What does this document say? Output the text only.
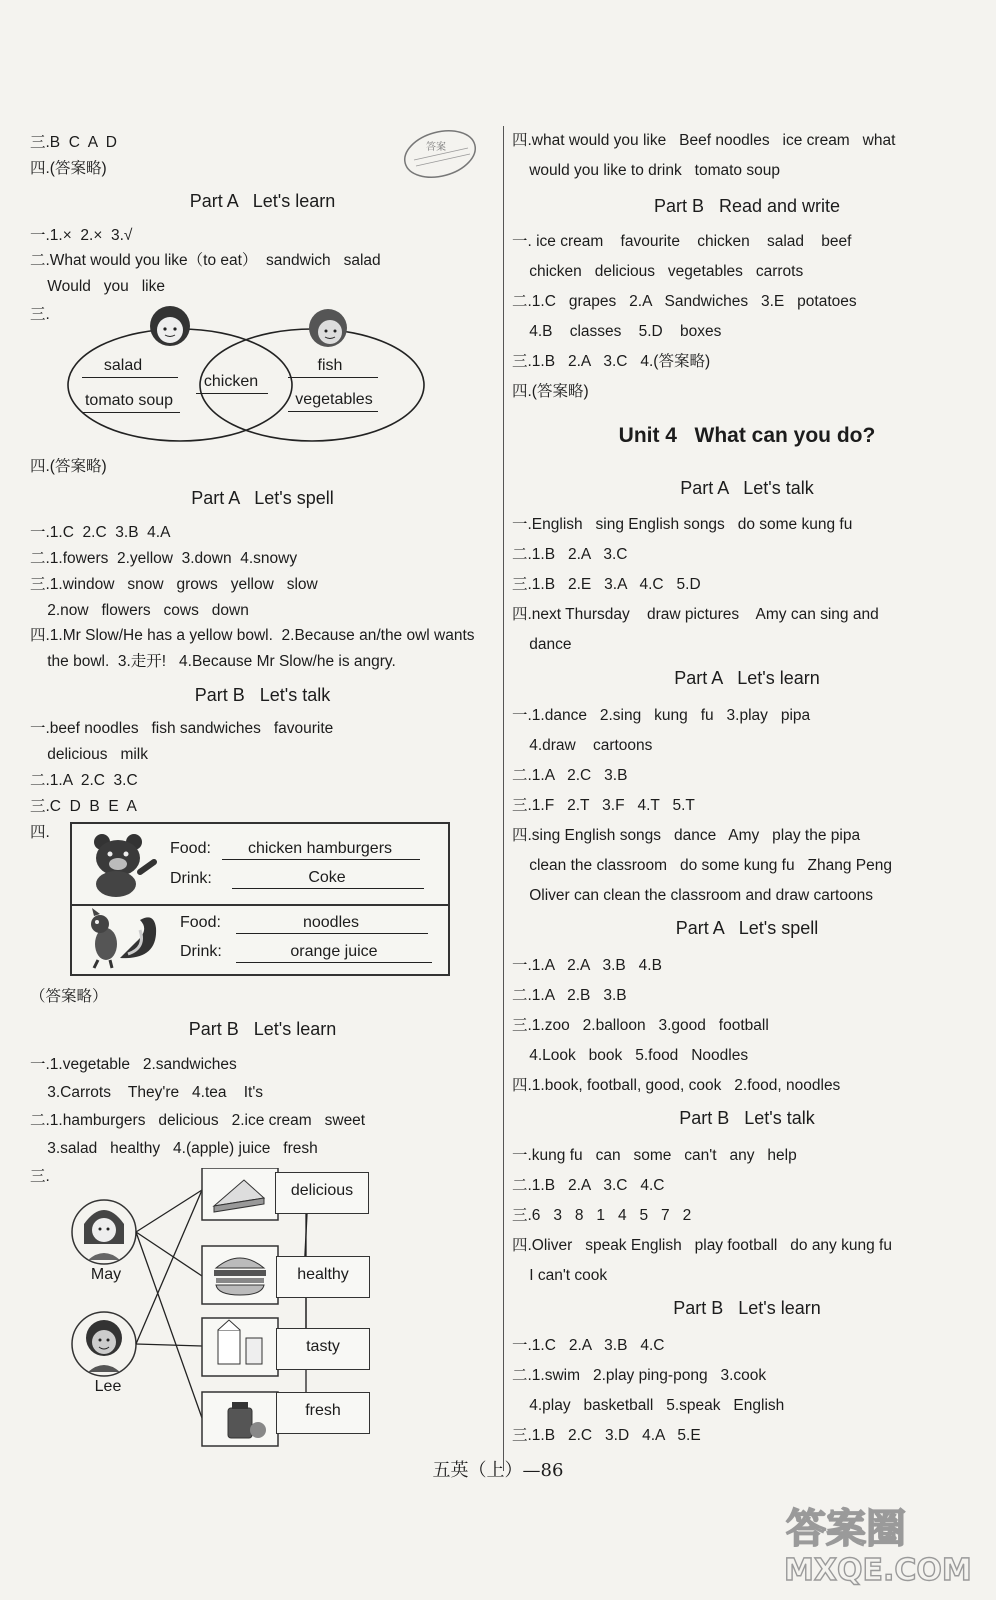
三.B  C  A  D
四.(答案略)
答案
Part A   Let's learn
一.1.×  2.×  3.√
二.What would you like（to eat）  sandwich   salad
Would   you   like
三.
salad
tomato soup
chicken
fish
vegetables
四.(答案略)
Part A   Let's spell
一.1.C  2.C  3.B  4.A
二.1.fowers  2.yellow  3.down  4.snowy
三.1.window   snow   grows   yellow   slow
2.now   flowers   cows   down
四.1.Mr Slow/He has a yellow bowl.  2.Because an/the owl wants
the bowl.  3.走开!   4.Because Mr Slow/he is angry.
Part B   Let's talk
一.beef noodles   fish sandwiches   favourite
delicious   milk
二.1.A  2.C  3.C
三.C  D  B  E  A
四.
Food:	chicken hamburgers
Drink:	Coke
Food:	noodles
Drink:	orange juice
（答案略）
Part B   Let's learn
一.1.vegetable   2.sandwiches
3.Carrots    They're   4.tea    It's
二.1.hamburgers   delicious   2.ice cream   sweet
3.salad   healthy   4.(apple) juice   fresh
三.
May
Lee
delicious
healthy
tasty
fresh
四.what would you like   Beef noodles   ice cream   what
would you like to drink   tomato soup
Part B   Read and write
一. ice cream    favourite    chicken    salad    beef
chicken   delicious   vegetables   carrots
二.1.C   grapes   2.A   Sandwiches   3.E   potatoes
4.B    classes    5.D    boxes
三.1.B   2.A   3.C   4.(答案略)
四.(答案略)
Unit 4   What can you do?
Part A   Let's talk
一.English   sing English songs   do some kung fu
二.1.B   2.A   3.C
三.1.B   2.E   3.A   4.C   5.D
四.next Thursday    draw pictures    Amy can sing and
dance
Part A   Let's learn
一.1.dance   2.sing   kung   fu   3.play   pipa
4.draw    cartoons
二.1.A   2.C   3.B
三.1.F   2.T   3.F   4.T   5.T
四.sing English songs   dance   Amy   play the pipa
clean the classroom   do some kung fu   Zhang Peng
Oliver can clean the classroom and draw cartoons
Part A   Let's spell
一.1.A   2.A   3.B   4.B
二.1.A   2.B   3.B
三.1.zoo   2.balloon   3.good   football
4.Look   book   5.food   Noodles
四.1.book, football, good, cook   2.food, noodles
Part B   Let's talk
一.kung fu   can   some   can't   any   help
二.1.B   2.A   3.C   4.C
三.6   3   8   1   4   5   7   2
四.Oliver   speak English   play football   do any kung fu
I can't cook
Part B   Let's learn
一.1.C   2.A   3.B   4.C
二.1.swim   2.play ping-pong   3.cook
4.play   basketball   5.speak   English
三.1.B   2.C   3.D   4.A   5.E
五英（上）—86
答案圈
MXQE.COM
